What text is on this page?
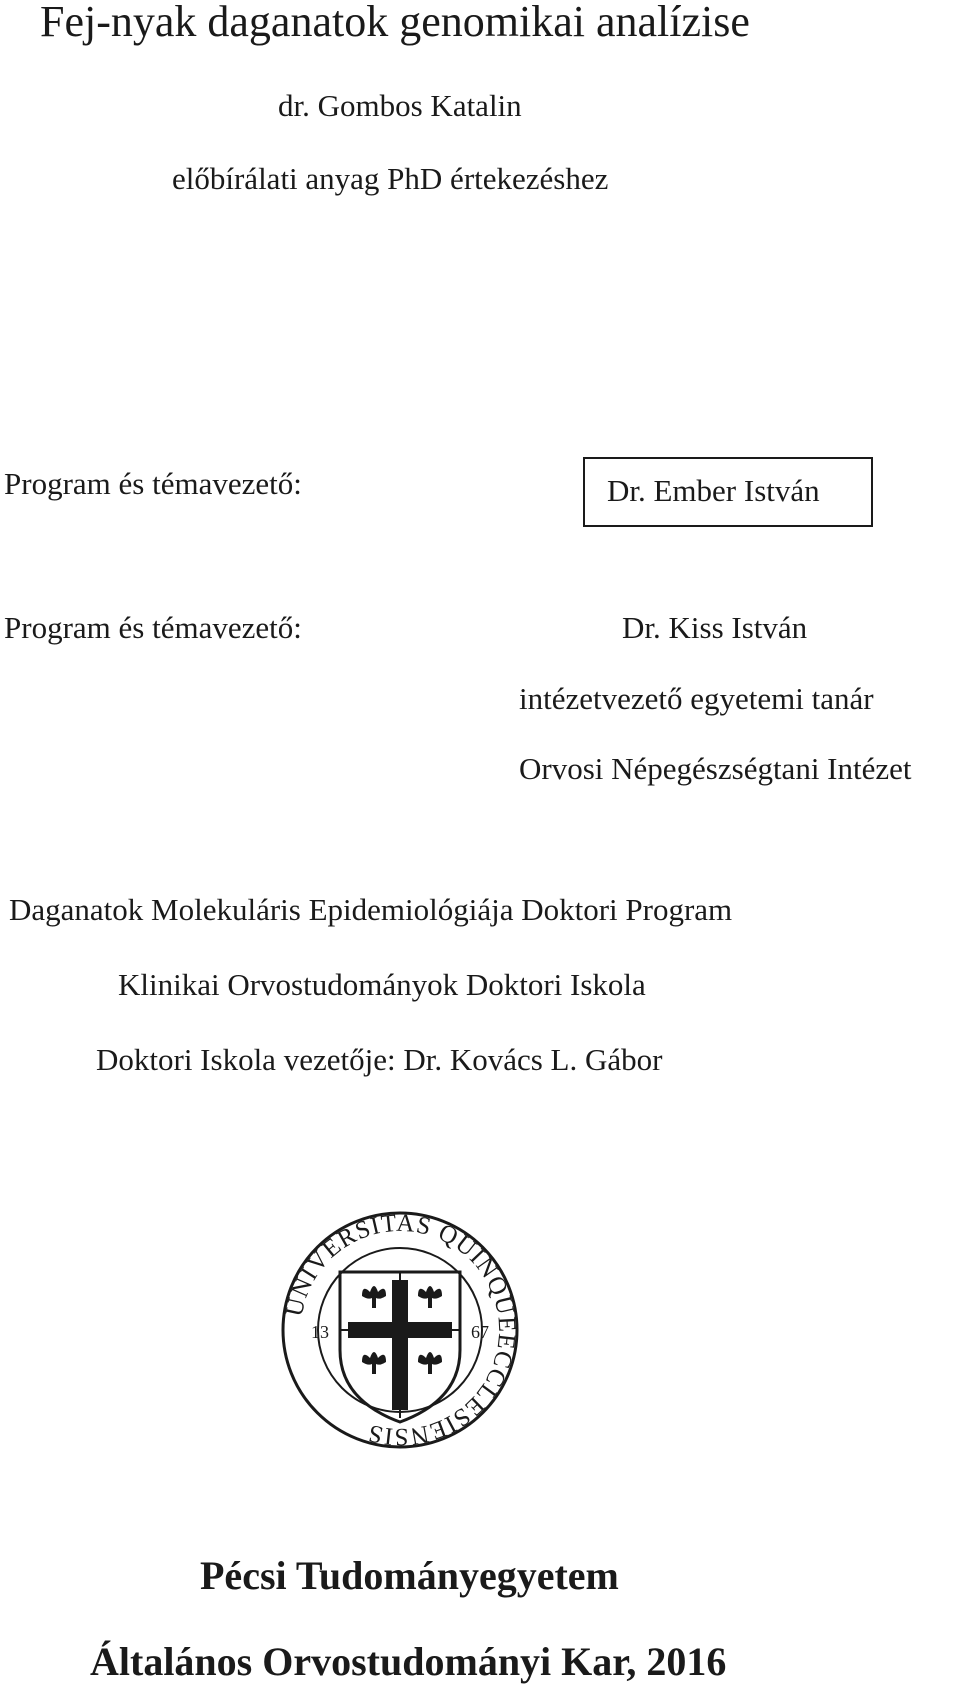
Fej-nyak daganatok genomikai analízise
dr. Gombos Katalin
előbírálati anyag PhD értekezéshez
Program és témavezető:	Dr. Ember István
Program és témavezető:	Dr. Kiss István
intézetvezető egyetemi tanár
Orvosi Népegészségtani Intézet
Daganatok Molekuláris Epidemiológiája Doktori Program
Klinikai Orvostudományok Doktori Iskola
Doktori Iskola vezetője: Dr. Kovács L. Gábor
UNIVERSITAS QUINQUEECCLESIENSIS
13	67
Pécsi Tudományegyetem
Általános Orvostudományi Kar, 2016
